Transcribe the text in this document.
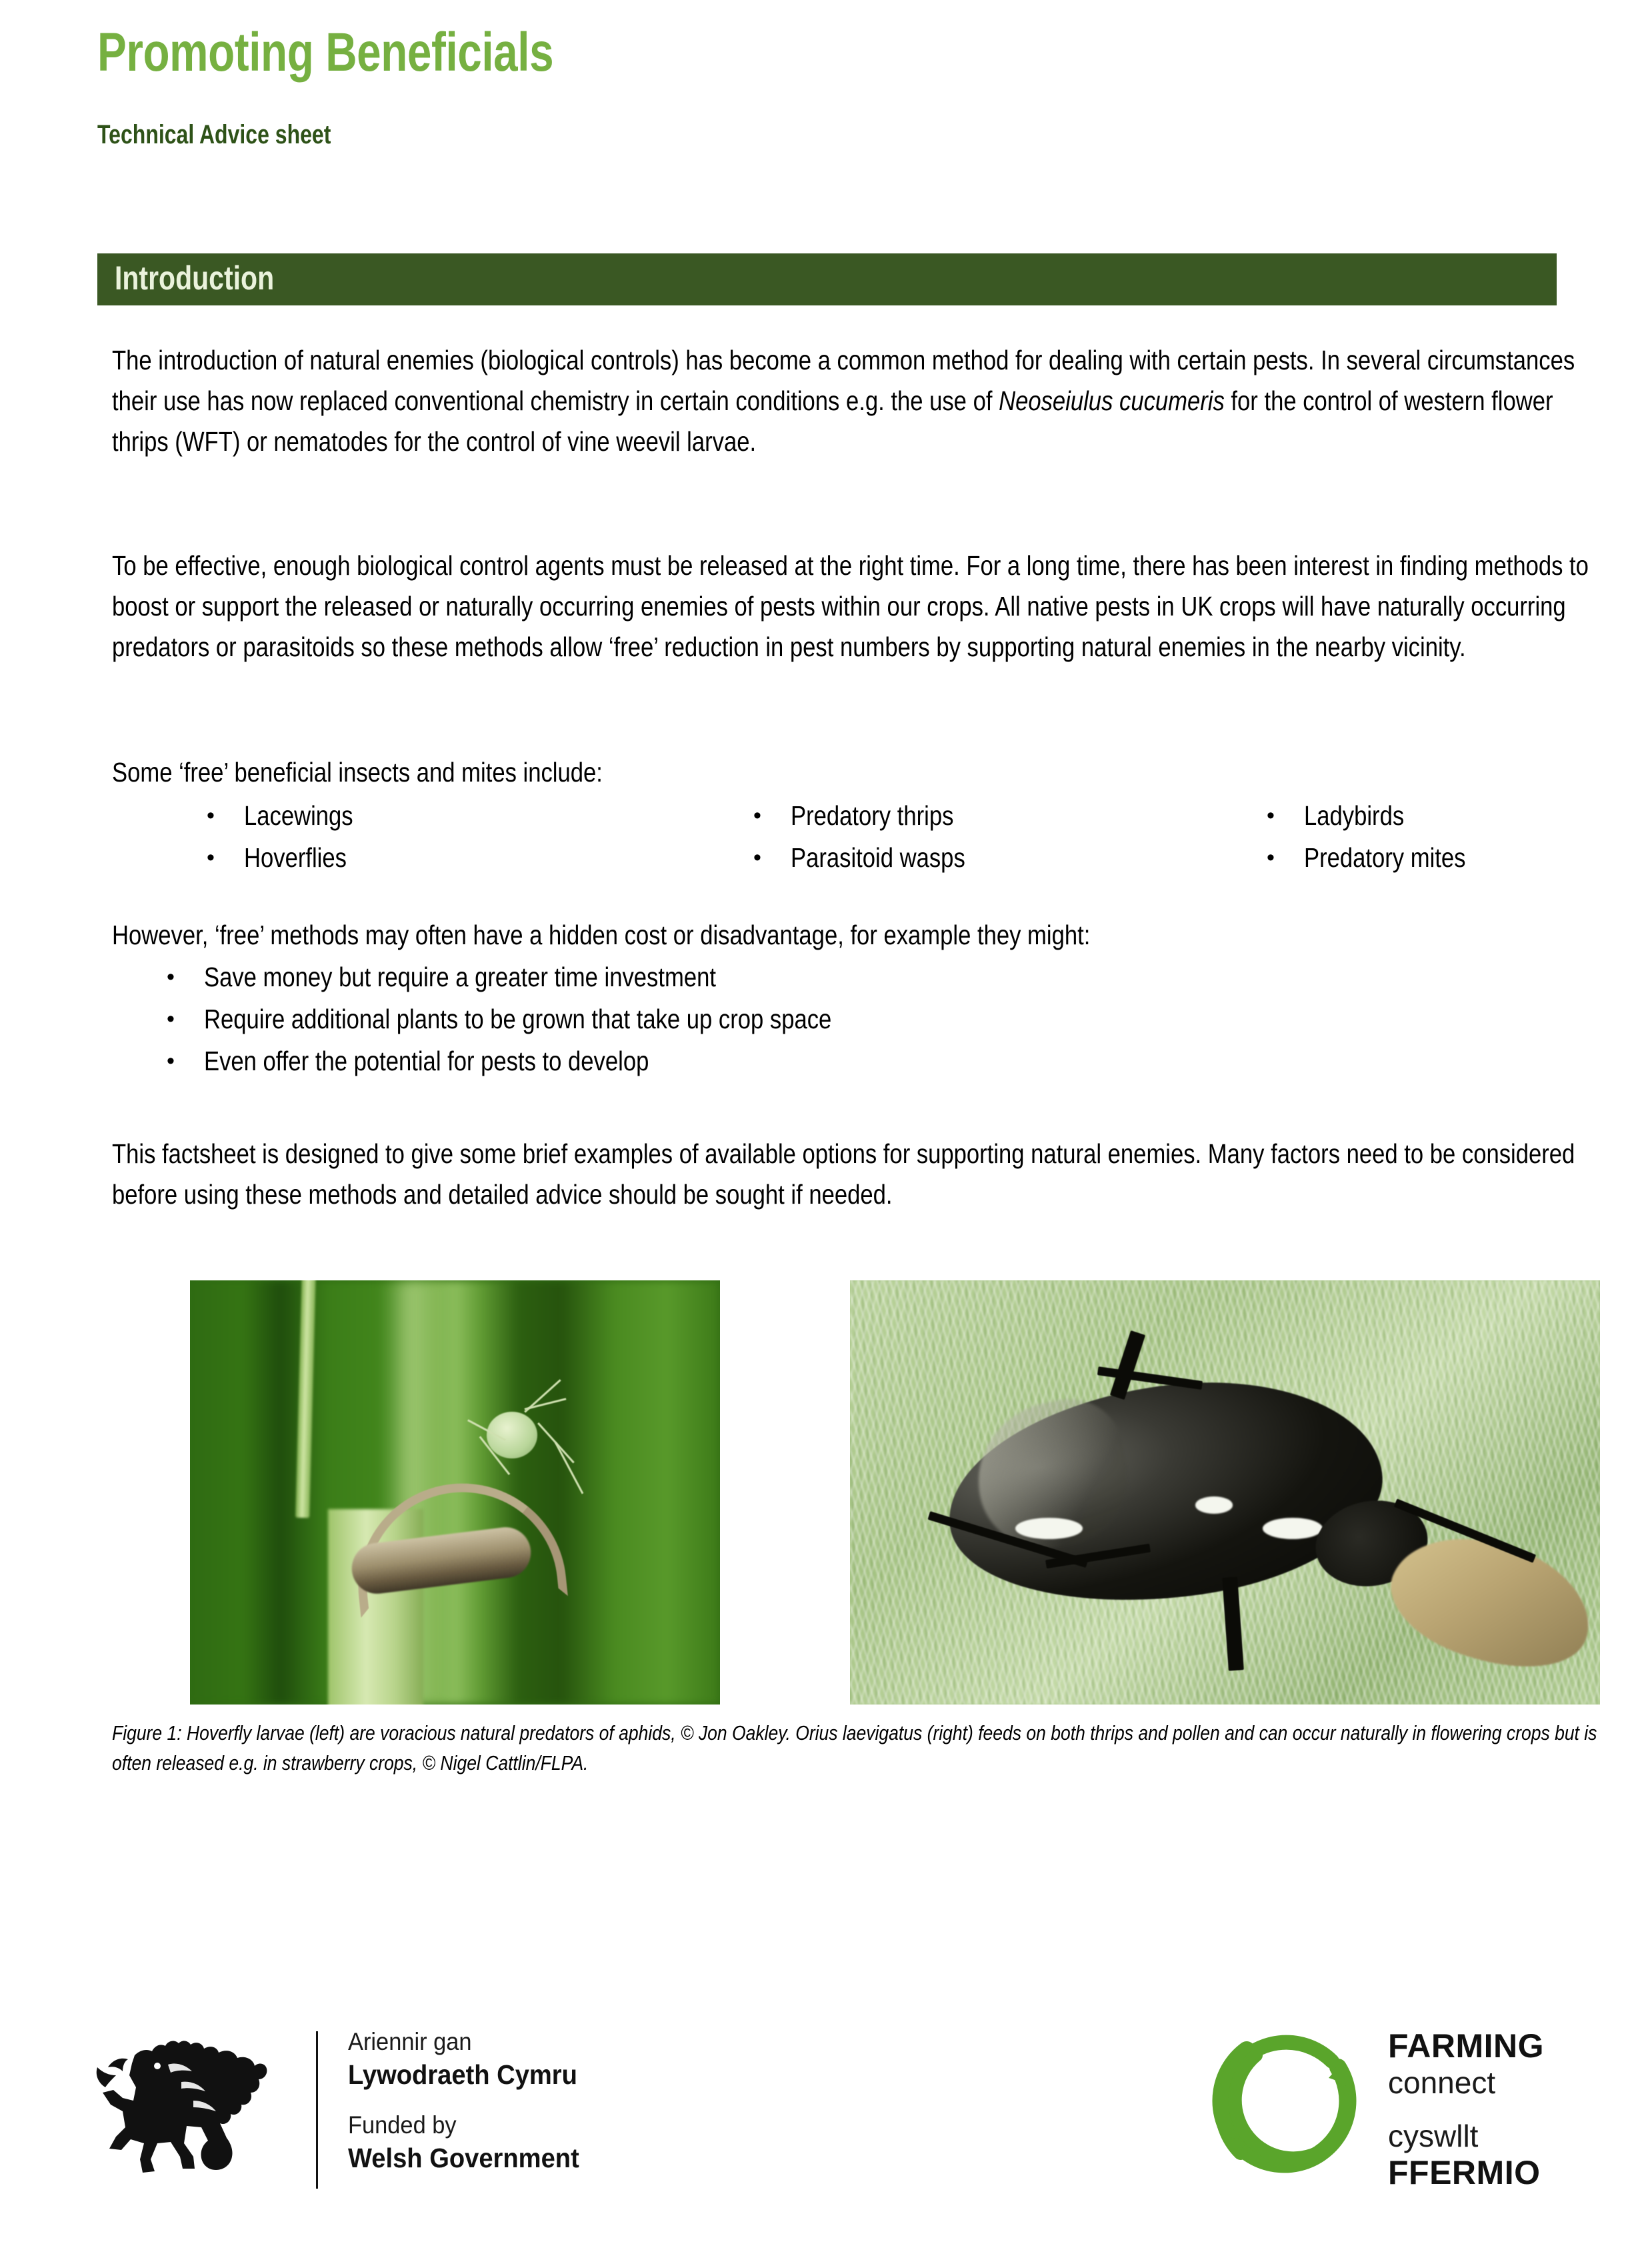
Promoting Beneficials
Technical Advice sheet
Introduction
The introduction of natural enemies (biological controls) has become a common method for dealing with certain pests. In several circumstances their use has now replaced conventional chemistry in certain conditions e.g. the use of Neoseiulus cucumeris for the control of western flower thrips (WFT) or nematodes for the control of vine weevil larvae.
To be effective, enough biological control agents must be released at the right time. For a long time, there has been interest in finding methods to boost or support the released or naturally occurring enemies of pests within our crops. All native pests in UK crops will have naturally occurring predators or parasitoids so these methods allow ‘free’ reduction in pest numbers by supporting natural enemies in the nearby vicinity.
Some ‘free’ beneficial insects and mites include:
•	Lacewings
•	Hoverflies
•	Predatory thrips
•	Parasitoid wasps
•	Ladybirds
•	Predatory mites
However, ‘free’ methods may often have a hidden cost or disadvantage, for example they might:
•	Save money but require a greater time investment
•	Require additional plants to be grown that take up crop space
•	Even offer the potential for pests to develop
This factsheet is designed to give some brief examples of available options for supporting natural enemies. Many factors need to be considered before using these methods and detailed advice should be sought if needed.
Figure 1: Hoverfly larvae (left) are voracious natural predators of aphids, © Jon Oakley. Orius laevigatus (right) feeds on both thrips and pollen and can occur naturally in flowering crops but is often released e.g. in strawberry crops, © Nigel Cattlin/FLPA.
Ariennir gan
Lywodraeth Cymru
Funded by
Welsh Government
FARMING
connect
cyswllt
FFERMIO
